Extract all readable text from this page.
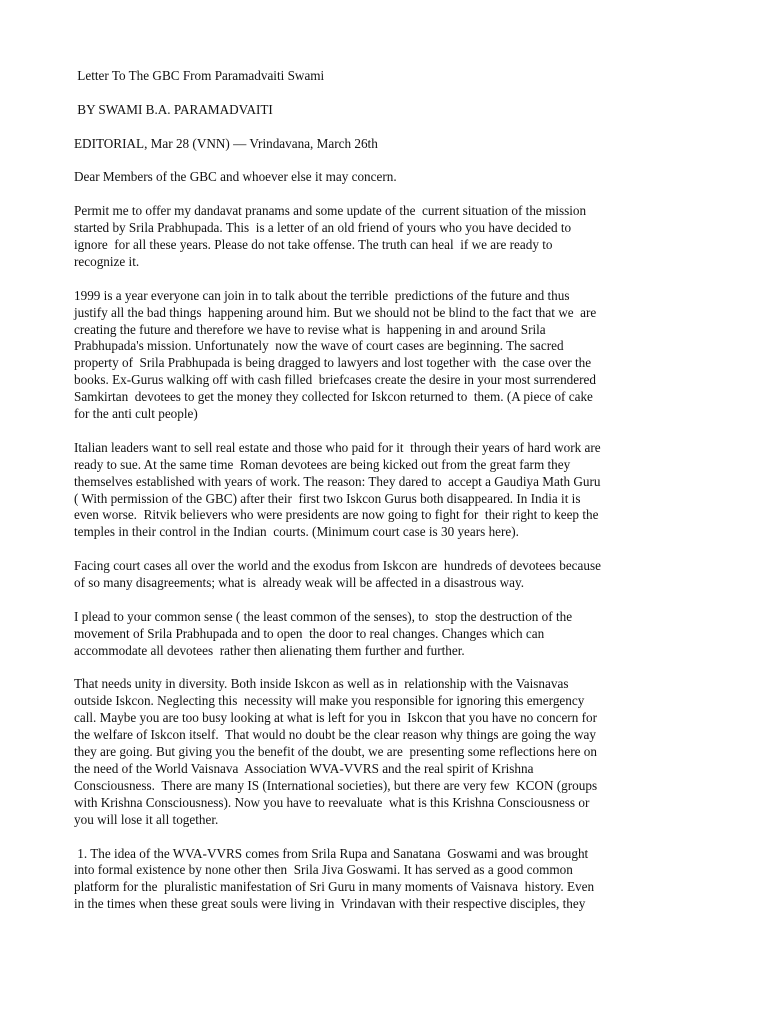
Letter To The GBC From Paramadvaiti Swami

BY SWAMI B.A. PARAMADVAITI

EDITORIAL, Mar 28 (VNN) — Vrindavana, March 26th

Dear Members of the GBC and whoever else it may concern.

Permit me to offer my dandavat pranams and some update of the  current situation of the mission
started by Srila Prabhupada. This  is a letter of an old friend of yours who you have decided to
ignore  for all these years. Please do not take offense. The truth can heal  if we are ready to
recognize it.

1999 is a year everyone can join in to talk about the terrible  predictions of the future and thus
justify all the bad things  happening around him. But we should not be blind to the fact that we  are
creating the future and therefore we have to revise what is  happening in and around Srila
Prabhupada's mission. Unfortunately  now the wave of court cases are beginning. The sacred
property of  Srila Prabhupada is being dragged to lawyers and lost together with  the case over the
books. Ex-Gurus walking off with cash filled  briefcases create the desire in your most surrendered
Samkirtan  devotees to get the money they collected for Iskcon returned to  them. (A piece of cake
for the anti cult people)

Italian leaders want to sell real estate and those who paid for it  through their years of hard work are
ready to sue. At the same time  Roman devotees are being kicked out from the great farm they
themselves established with years of work. The reason: They dared to  accept a Gaudiya Math Guru
( With permission of the GBC) after their  first two Iskcon Gurus both disappeared. In India it is
even worse.  Ritvik believers who were presidents are now going to fight for  their right to keep the
temples in their control in the Indian  courts. (Minimum court case is 30 years here).

Facing court cases all over the world and the exodus from Iskcon are  hundreds of devotees because
of so many disagreements; what is  already weak will be affected in a disastrous way.

I plead to your common sense ( the least common of the senses), to  stop the destruction of the
movement of Srila Prabhupada and to open  the door to real changes. Changes which can
accommodate all devotees  rather then alienating them further and further.

That needs unity in diversity. Both inside Iskcon as well as in  relationship with the Vaisnavas
outside Iskcon. Neglecting this  necessity will make you responsible for ignoring this emergency
call. Maybe you are too busy looking at what is left for you in  Iskcon that you have no concern for
the welfare of Iskcon itself.  That would no doubt be the clear reason why things are going the way
they are going. But giving you the benefit of the doubt, we are  presenting some reflections here on
the need of the World Vaisnava  Association WVA-VVRS and the real spirit of Krishna
Consciousness.  There are many IS (International societies), but there are very few  KCON (groups
with Krishna Consciousness). Now you have to reevaluate  what is this Krishna Consciousness or
you will lose it all together.

1. The idea of the WVA-VVRS comes from Srila Rupa and Sanatana  Goswami and was brought
into formal existence by none other then  Srila Jiva Goswami. It has served as a good common
platform for the  pluralistic manifestation of Sri Guru in many moments of Vaisnava  history. Even
in the times when these great souls were living in  Vrindavan with their respective disciples, they
